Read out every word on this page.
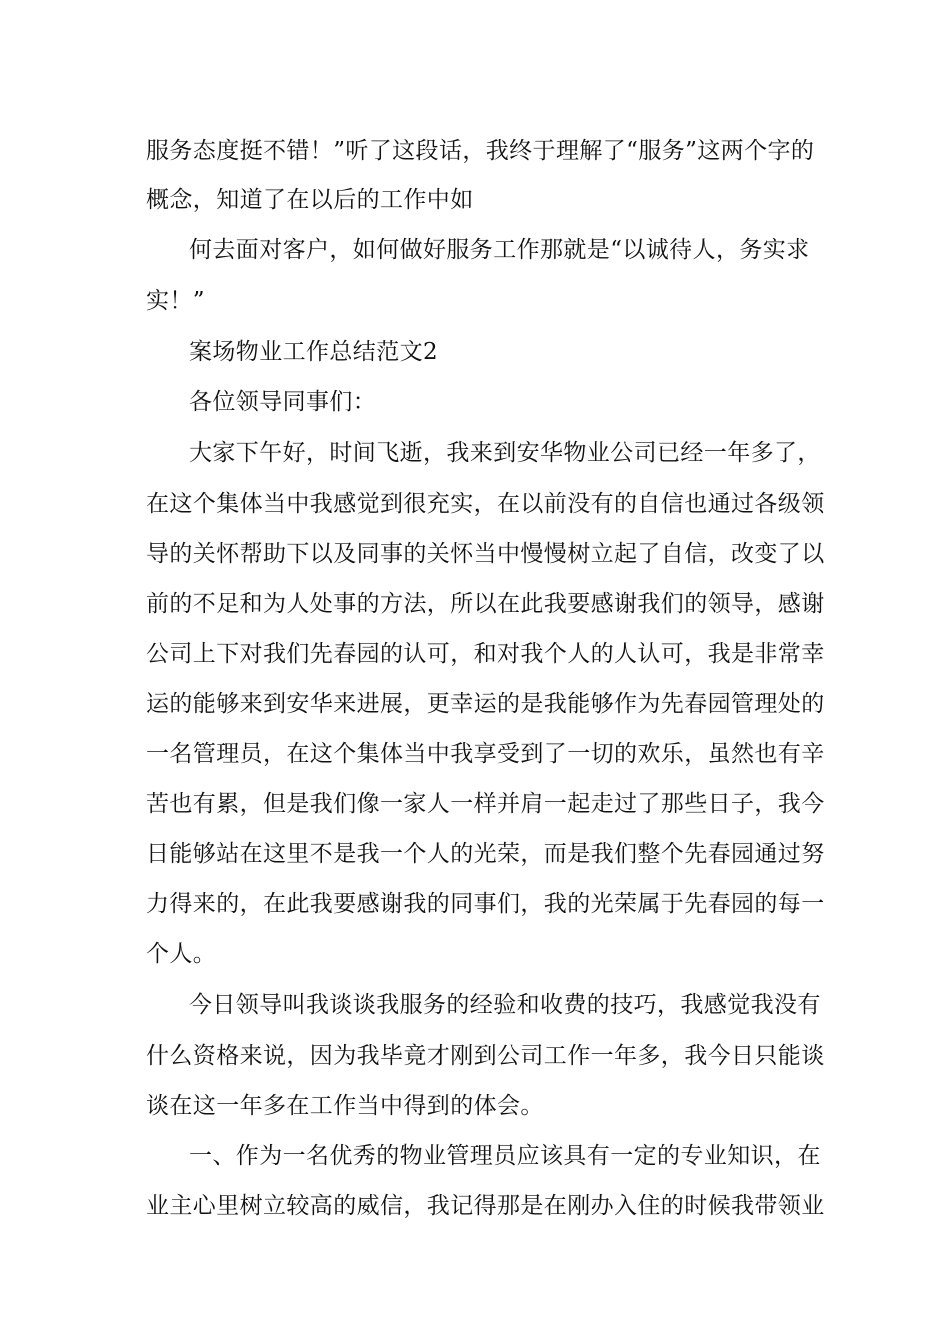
服务态度挺不错！”听了这段话，我终于理解了“服务”这两个字的
概念，知道了在以后的工作中如
何去面对客户，如何做好服务工作那就是“以诚待人，务实求
实！”
案场物业工作总结范文2
各位领导同事们：
大家下午好，时间飞逝，我来到安华物业公司已经一年多了，
在这个集体当中我感觉到很充实，在以前没有的自信也通过各级领
导的关怀帮助下以及同事的关怀当中慢慢树立起了自信，改变了以
前的不足和为人处事的方法，所以在此我要感谢我们的领导，感谢
公司上下对我们先春园的认可，和对我个人的人认可，我是非常幸
运的能够来到安华来进展，更幸运的是我能够作为先春园管理处的
一名管理员，在这个集体当中我享受到了一切的欢乐，虽然也有辛
苦也有累，但是我们像一家人一样并肩一起走过了那些日子，我今
日能够站在这里不是我一个人的光荣，而是我们整个先春园通过努
力得来的，在此我要感谢我的同事们，我的光荣属于先春园的每一
个人。
今日领导叫我谈谈我服务的经验和收费的技巧，我感觉我没有
什么资格来说，因为我毕竟才刚到公司工作一年多，我今日只能谈
谈在这一年多在工作当中得到的体会。
一、作为一名优秀的物业管理员应该具有一定的专业知识，在
业主心里树立较高的威信，我记得那是在刚办入住的时候我带领业
